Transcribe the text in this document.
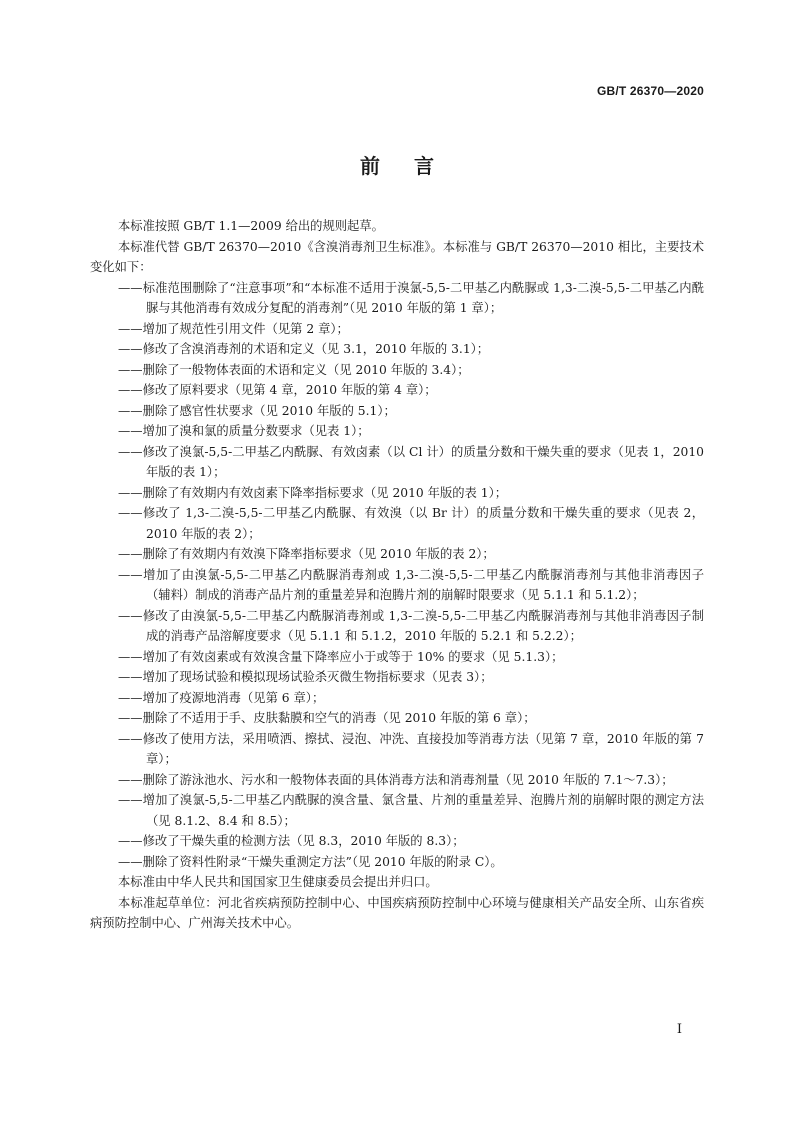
GB/T 26370—2020
前言

本标准按照 GB/T 1.1—2009 给出的规则起草。

本标准代替 GB/T 26370—2010《含溴消毒剂卫生标准》。本标准与 GB/T 26370—2010 相比，主要技术变化如下：

——标准范围删除了“注意事项”和“本标准不适用于溴氯-5,5-二甲基乙内酰脲或 1,3-二溴-5,5-二甲基乙内酰脲与其他消毒有效成分复配的消毒剂”（见 2010 年版的第 1 章）；

——增加了规范性引用文件（见第 2 章）；

——修改了含溴消毒剂的术语和定义（见 3.1，2010 年版的 3.1）；

——删除了一般物体表面的术语和定义（见 2010 年版的 3.4）；

——修改了原料要求（见第 4 章，2010 年版的第 4 章）；

——删除了感官性状要求（见 2010 年版的 5.1）；

——增加了溴和氯的质量分数要求（见表 1）；

——修改了溴氯-5,5-二甲基乙内酰脲、有效卤素（以 Cl 计）的质量分数和干燥失重的要求（见表 1，2010 年版的表 1）；

——删除了有效期内有效卤素下降率指标要求（见 2010 年版的表 1）；

——修改了 1,3-二溴-5,5-二甲基乙内酰脲、有效溴（以 Br 计）的质量分数和干燥失重的要求（见表 2，2010 年版的表 2）；

——删除了有效期内有效溴下降率指标要求（见 2010 年版的表 2）；

——增加了由溴氯-5,5-二甲基乙内酰脲消毒剂或 1,3-二溴-5,5-二甲基乙内酰脲消毒剂与其他非消毒因子（辅料）制成的消毒产品片剂的重量差异和泡腾片剂的崩解时限要求（见 5.1.1 和 5.1.2）；

——修改了由溴氯-5,5-二甲基乙内酰脲消毒剂或 1,3-二溴-5,5-二甲基乙内酰脲消毒剂与其他非消毒因子制成的消毒产品溶解度要求（见 5.1.1 和 5.1.2，2010 年版的 5.2.1 和 5.2.2）；

——增加了有效卤素或有效溴含量下降率应小于或等于 10% 的要求（见 5.1.3）；

——增加了现场试验和模拟现场试验杀灭微生物指标要求（见表 3）；

——增加了疫源地消毒（见第 6 章）；

——删除了不适用于手、皮肤黏膜和空气的消毒（见 2010 年版的第 6 章）；

——修改了使用方法，采用喷洒、擦拭、浸泡、冲洗、直接投加等消毒方法（见第 7 章，2010 年版的第 7 章）；

——删除了游泳池水、污水和一般物体表面的具体消毒方法和消毒剂量（见 2010 年版的 7.1～7.3）；

——增加了溴氯-5,5-二甲基乙内酰脲的溴含量、氯含量、片剂的重量差异、泡腾片剂的崩解时限的测定方法（见 8.1.2、8.4 和 8.5）；

——修改了干燥失重的检测方法（见 8.3，2010 年版的 8.3）；

——删除了资料性附录“干燥失重测定方法”（见 2010 年版的附录 C）。

本标准由中华人民共和国国家卫生健康委员会提出并归口。

本标准起草单位：河北省疾病预防控制中心、中国疾病预防控制中心环境与健康相关产品安全所、山东省疾病预防控制中心、广州海关技术中心。

I
